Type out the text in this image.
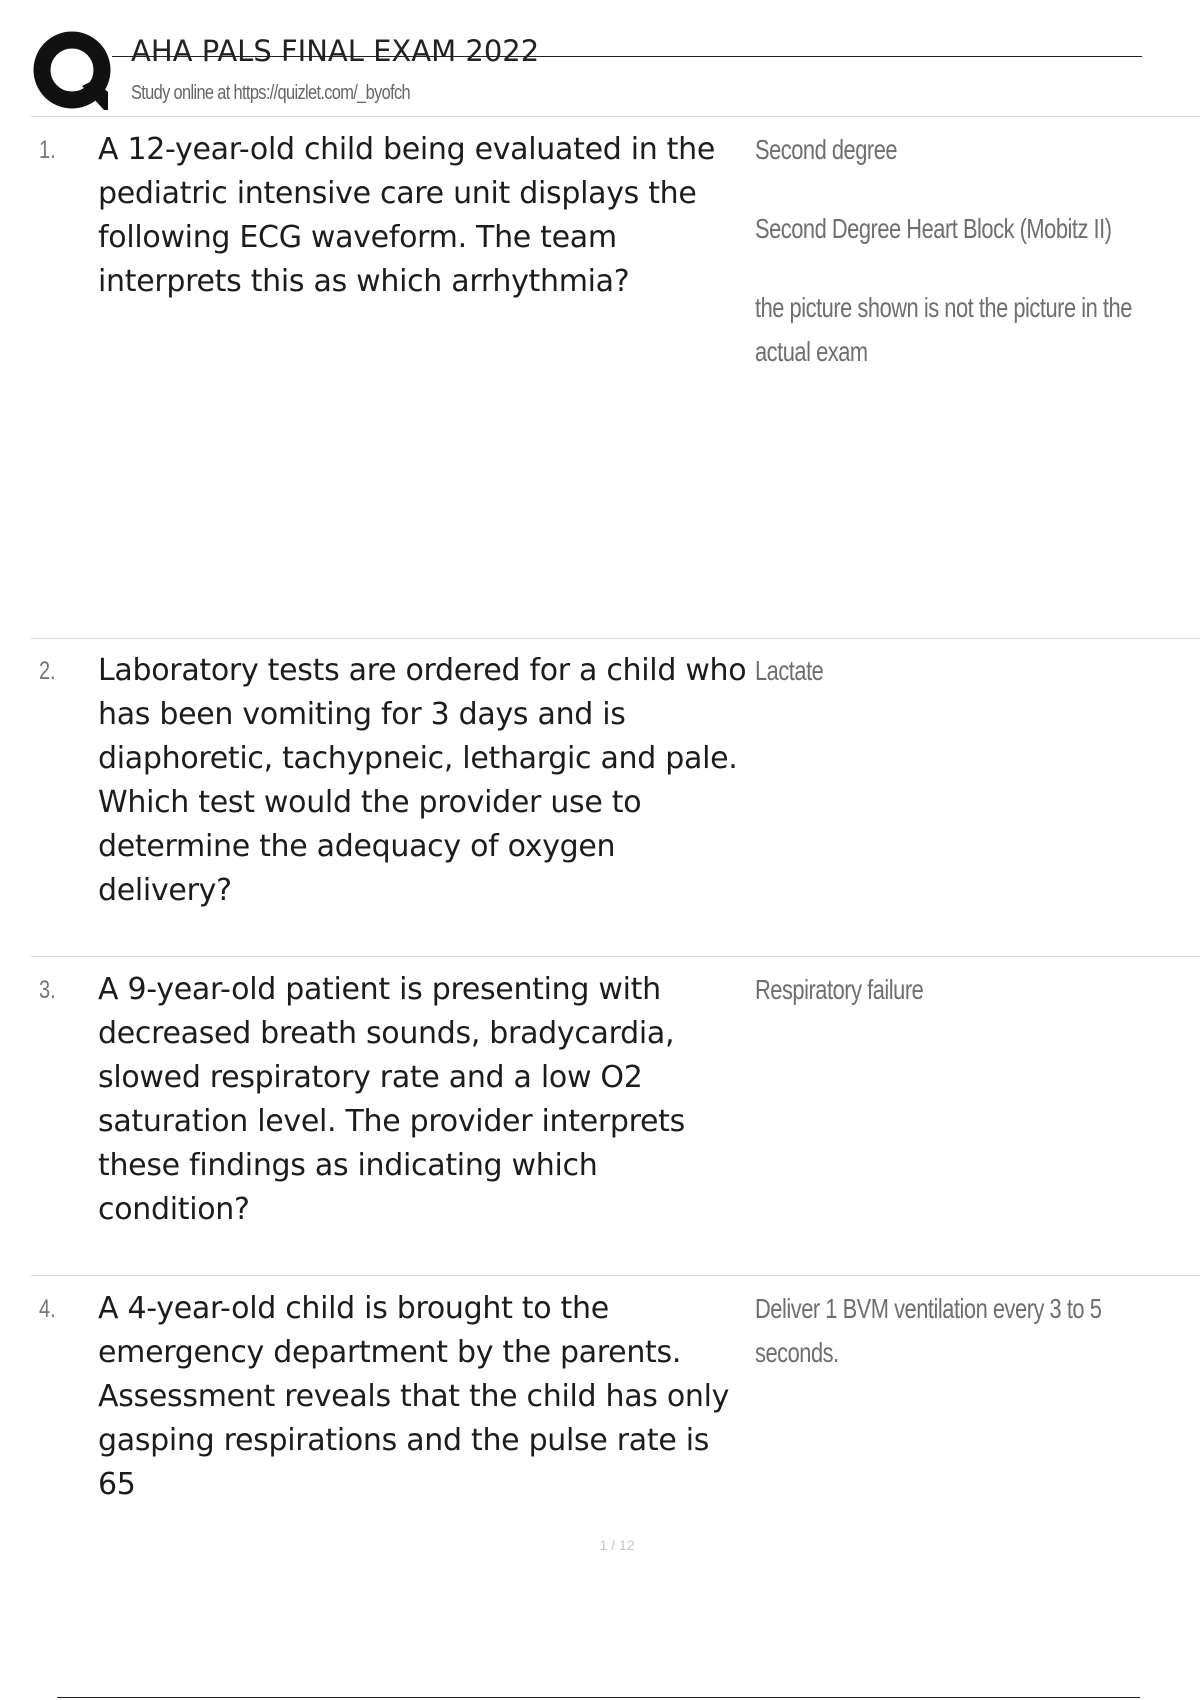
AHA PALS FINAL EXAM 2022
Study online at https://quizlet.com/_byofch
1. A 12-year-old child being evaluated in the pediatric intensive care unit displays the following ECG waveform. The team interprets this as which arrhythmia?

Second degree

Second Degree Heart Block (Mobitz II)

the picture shown is not the picture in the actual exam

2. Laboratory tests are ordered for a child who has been vomiting for 3 days and is diaphoretic, tachypneic, lethargic and pale. Which test would the provider use to determine the adequacy of oxygen delivery?

Lactate

3. A 9-year-old patient is presenting with decreased breath sounds, bradycardia, slowed respiratory rate and a low O2 saturation level. The provider interprets these findings as indicating which condition?

Respiratory failure

4. A 4-year-old child is brought to the emergency department by the parents. Assessment reveals that the child has only gasping respirations and the pulse rate is 65

Deliver 1 BVM ventilation every 3 to 5 seconds.

1 / 12
